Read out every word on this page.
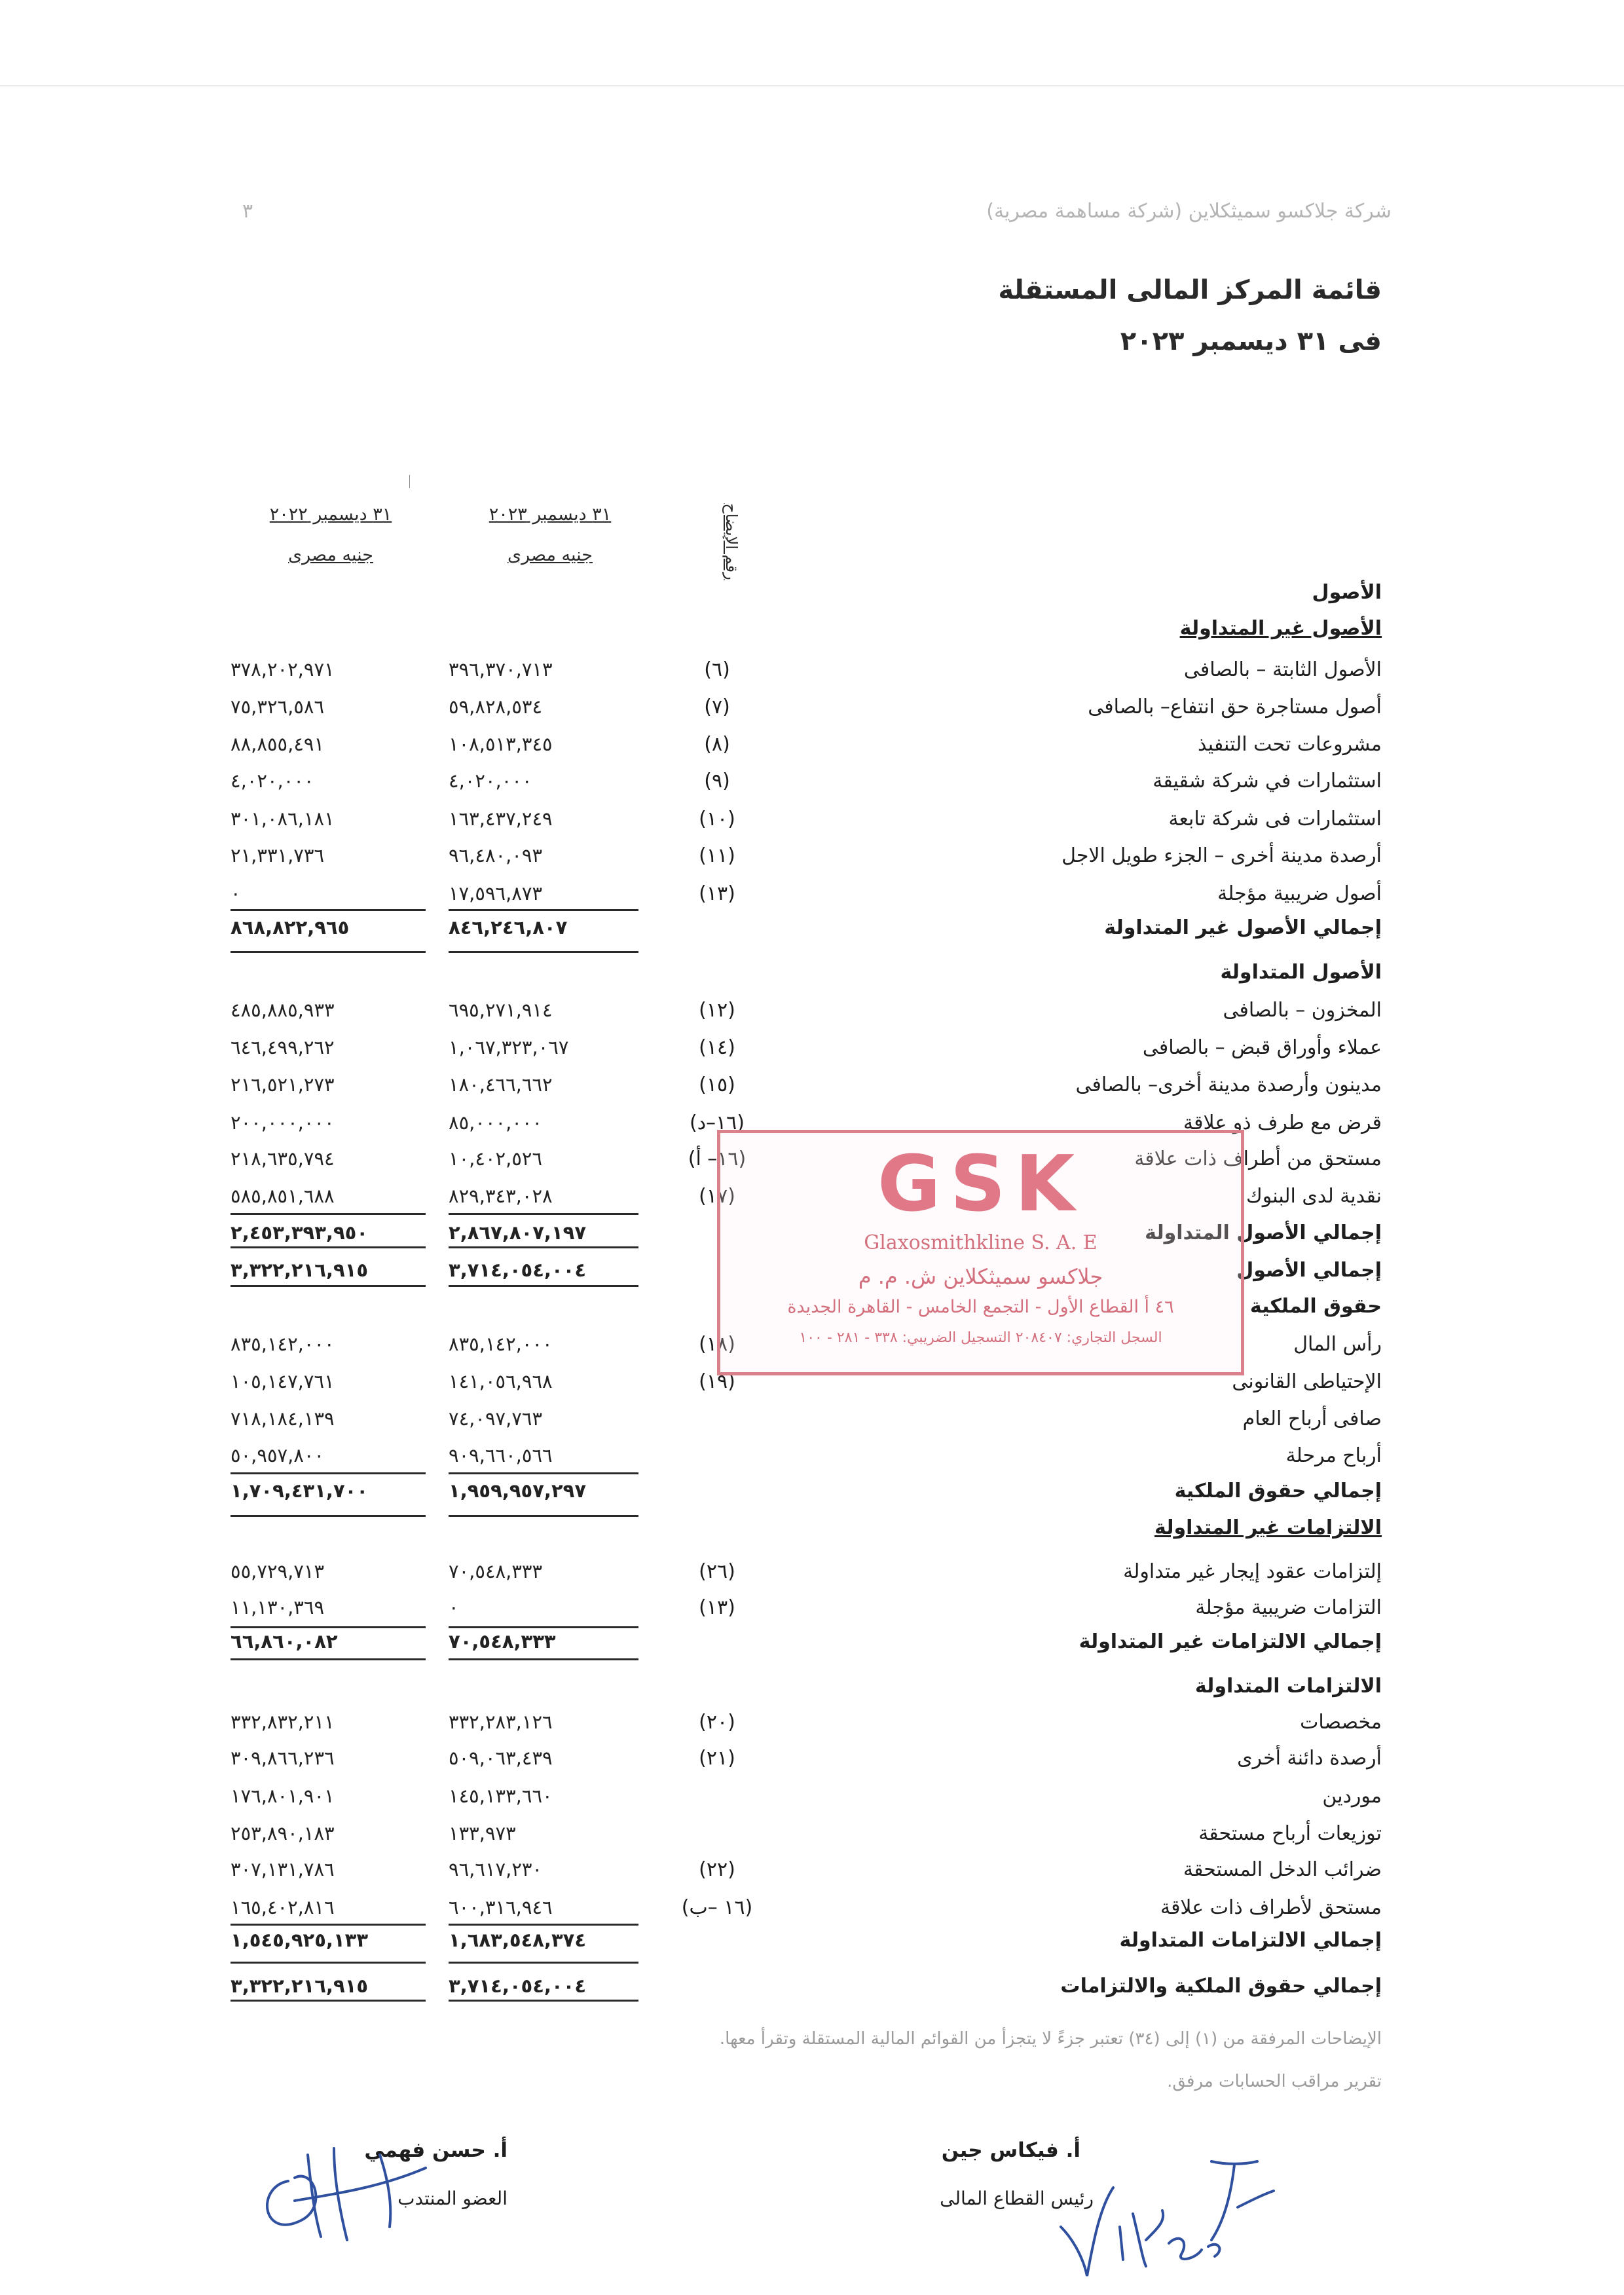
شركة جلاكسو سميثكلاين (شركة مساهمة مصرية)
٣
قائمة المركز المالى المستقلة
فى ٣١ ديسمبر ٢٠٢٣
رقم الإيضاح
٣١ ديسمبر ٢٠٢٣
جنيه مصرى
٣١ ديسمبر ٢٠٢٢
جنيه مصرى
الأصول
الأصول غير المتداولة
الأصول الثابتة – بالصافى
(٦)
٣٩٦,٣٧٠,٧١٣
٣٧٨,٢٠٢,٩٧١
أصول مستاجرة حق انتفاع– بالصافى
(٧)
٥٩,٨٢٨,٥٣٤
٧٥,٣٢٦,٥٨٦
مشروعات تحت التنفيذ
(٨)
١٠٨,٥١٣,٣٤٥
٨٨,٨٥٥,٤٩١
استثمارات في شركة شقيقة
(٩)
٤,٠٢٠,٠٠٠
٤,٠٢٠,٠٠٠
استثمارات فى شركة تابعة
(١٠)
١٦٣,٤٣٧,٢٤٩
٣٠١,٠٨٦,١٨١
أرصدة مدينة أخرى – الجزء طويل الاجل
(١١)
٩٦,٤٨٠,٠٩٣
٢١,٣٣١,٧٣٦
أصول ضريبية مؤجلة
(١٣)
١٧,٥٩٦,٨٧٣
٠
إجمالي الأصول غير المتداولة
٨٤٦,٢٤٦,٨٠٧
٨٦٨,٨٢٢,٩٦٥
الأصول المتداولة
المخزون – بالصافى
(١٢)
٦٩٥,٢٧١,٩١٤
٤٨٥,٨٨٥,٩٣٣
عملاء وأوراق قبض – بالصافى
(١٤)
١,٠٦٧,٣٢٣,٠٦٧
٦٤٦,٤٩٩,٢٦٢
مدينون وأرصدة مدينة أخرى– بالصافى
(١٥)
١٨٠,٤٦٦,٦٦٢
٢١٦,٥٢١,٢٧٣
قرض مع طرف ذو علاقة
(١٦–د)
٨٥,٠٠٠,٠٠٠
٢٠٠,٠٠٠,٠٠٠
مستحق من أطراف ذات علاقة
(١٦– أ)
١٠,٤٠٢,٥٢٦
٢١٨,٦٣٥,٧٩٤
نقدية لدى البنوك
(١٧)
٨٢٩,٣٤٣,٠٢٨
٥٨٥,٨٥١,٦٨٨
إجمالي الأصول المتداولة
٢,٨٦٧,٨٠٧,١٩٧
٢,٤٥٣,٣٩٣,٩٥٠
إجمالي الأصول
٣,٧١٤,٠٥٤,٠٠٤
٣,٣٢٢,٢١٦,٩١٥
حقوق الملكية
رأس المال
(١٨)
٨٣٥,١٤٢,٠٠٠
٨٣٥,١٤٢,٠٠٠
الإحتياطى القانونى
(١٩)
١٤١,٠٥٦,٩٦٨
١٠٥,١٤٧,٧٦١
صافى أرباح العام
٧٤,٠٩٧,٧٦٣
٧١٨,١٨٤,١٣٩
أرباح مرحلة
٩٠٩,٦٦٠,٥٦٦
٥٠,٩٥٧,٨٠٠
إجمالي حقوق الملكية
١,٩٥٩,٩٥٧,٢٩٧
١,٧٠٩,٤٣١,٧٠٠
الالتزامات غير المتداولة
إلتزامات عقود إيجار غير متداولة
(٢٦)
٧٠,٥٤٨,٣٣٣
٥٥,٧٢٩,٧١٣
التزامات ضريبية مؤجلة
(١٣)
٠
١١,١٣٠,٣٦٩
إجمالي الالتزامات غير المتداولة
٧٠,٥٤٨,٣٣٣
٦٦,٨٦٠,٠٨٢
الالتزامات المتداولة
مخصصات
(٢٠)
٣٣٢,٢٨٣,١٢٦
٣٣٢,٨٣٢,٢١١
أرصدة دائنة أخرى
(٢١)
٥٠٩,٠٦٣,٤٣٩
٣٠٩,٨٦٦,٢٣٦
موردين
١٤٥,١٣٣,٦٦٠
١٧٦,٨٠١,٩٠١
توزيعات أرباح مستحقة
١٣٣,٩٧٣
٢٥٣,٨٩٠,١٨٣
ضرائب الدخل المستحقة
(٢٢)
٩٦,٦١٧,٢٣٠
٣٠٧,١٣١,٧٨٦
مستحق لأطراف ذات علاقة
(١٦ –ب)
٦٠٠,٣١٦,٩٤٦
١٦٥,٤٠٢,٨١٦
إجمالي الالتزامات المتداولة
١,٦٨٣,٥٤٨,٣٧٤
١,٥٤٥,٩٢٥,١٣٣
إجمالي حقوق الملكية والالتزامات
٣,٧١٤,٠٥٤,٠٠٤
٣,٣٢٢,٢١٦,٩١٥
الإيضاحات المرفقة من (١) إلى (٣٤) تعتبر جزءً لا يتجزأ من القوائم المالية المستقلة وتقرأ معها.
تقرير مراقب الحسابات مرفق.
GSK
Glaxosmithkline S. A. E
جلاكسو سميثكلاين ش. م. م
٤٦ أ القطاع الأول - التجمع الخامس - القاهرة الجديدة
السجل التجاري: ٢٠٨٤٠٧ التسجيل الضريبي: ٣٣٨ - ٢٨١ - ١٠٠
أ. حسن فهمي
العضو المنتدب
أ. فيكاس جين
رئيس القطاع المالى
Vikas J
